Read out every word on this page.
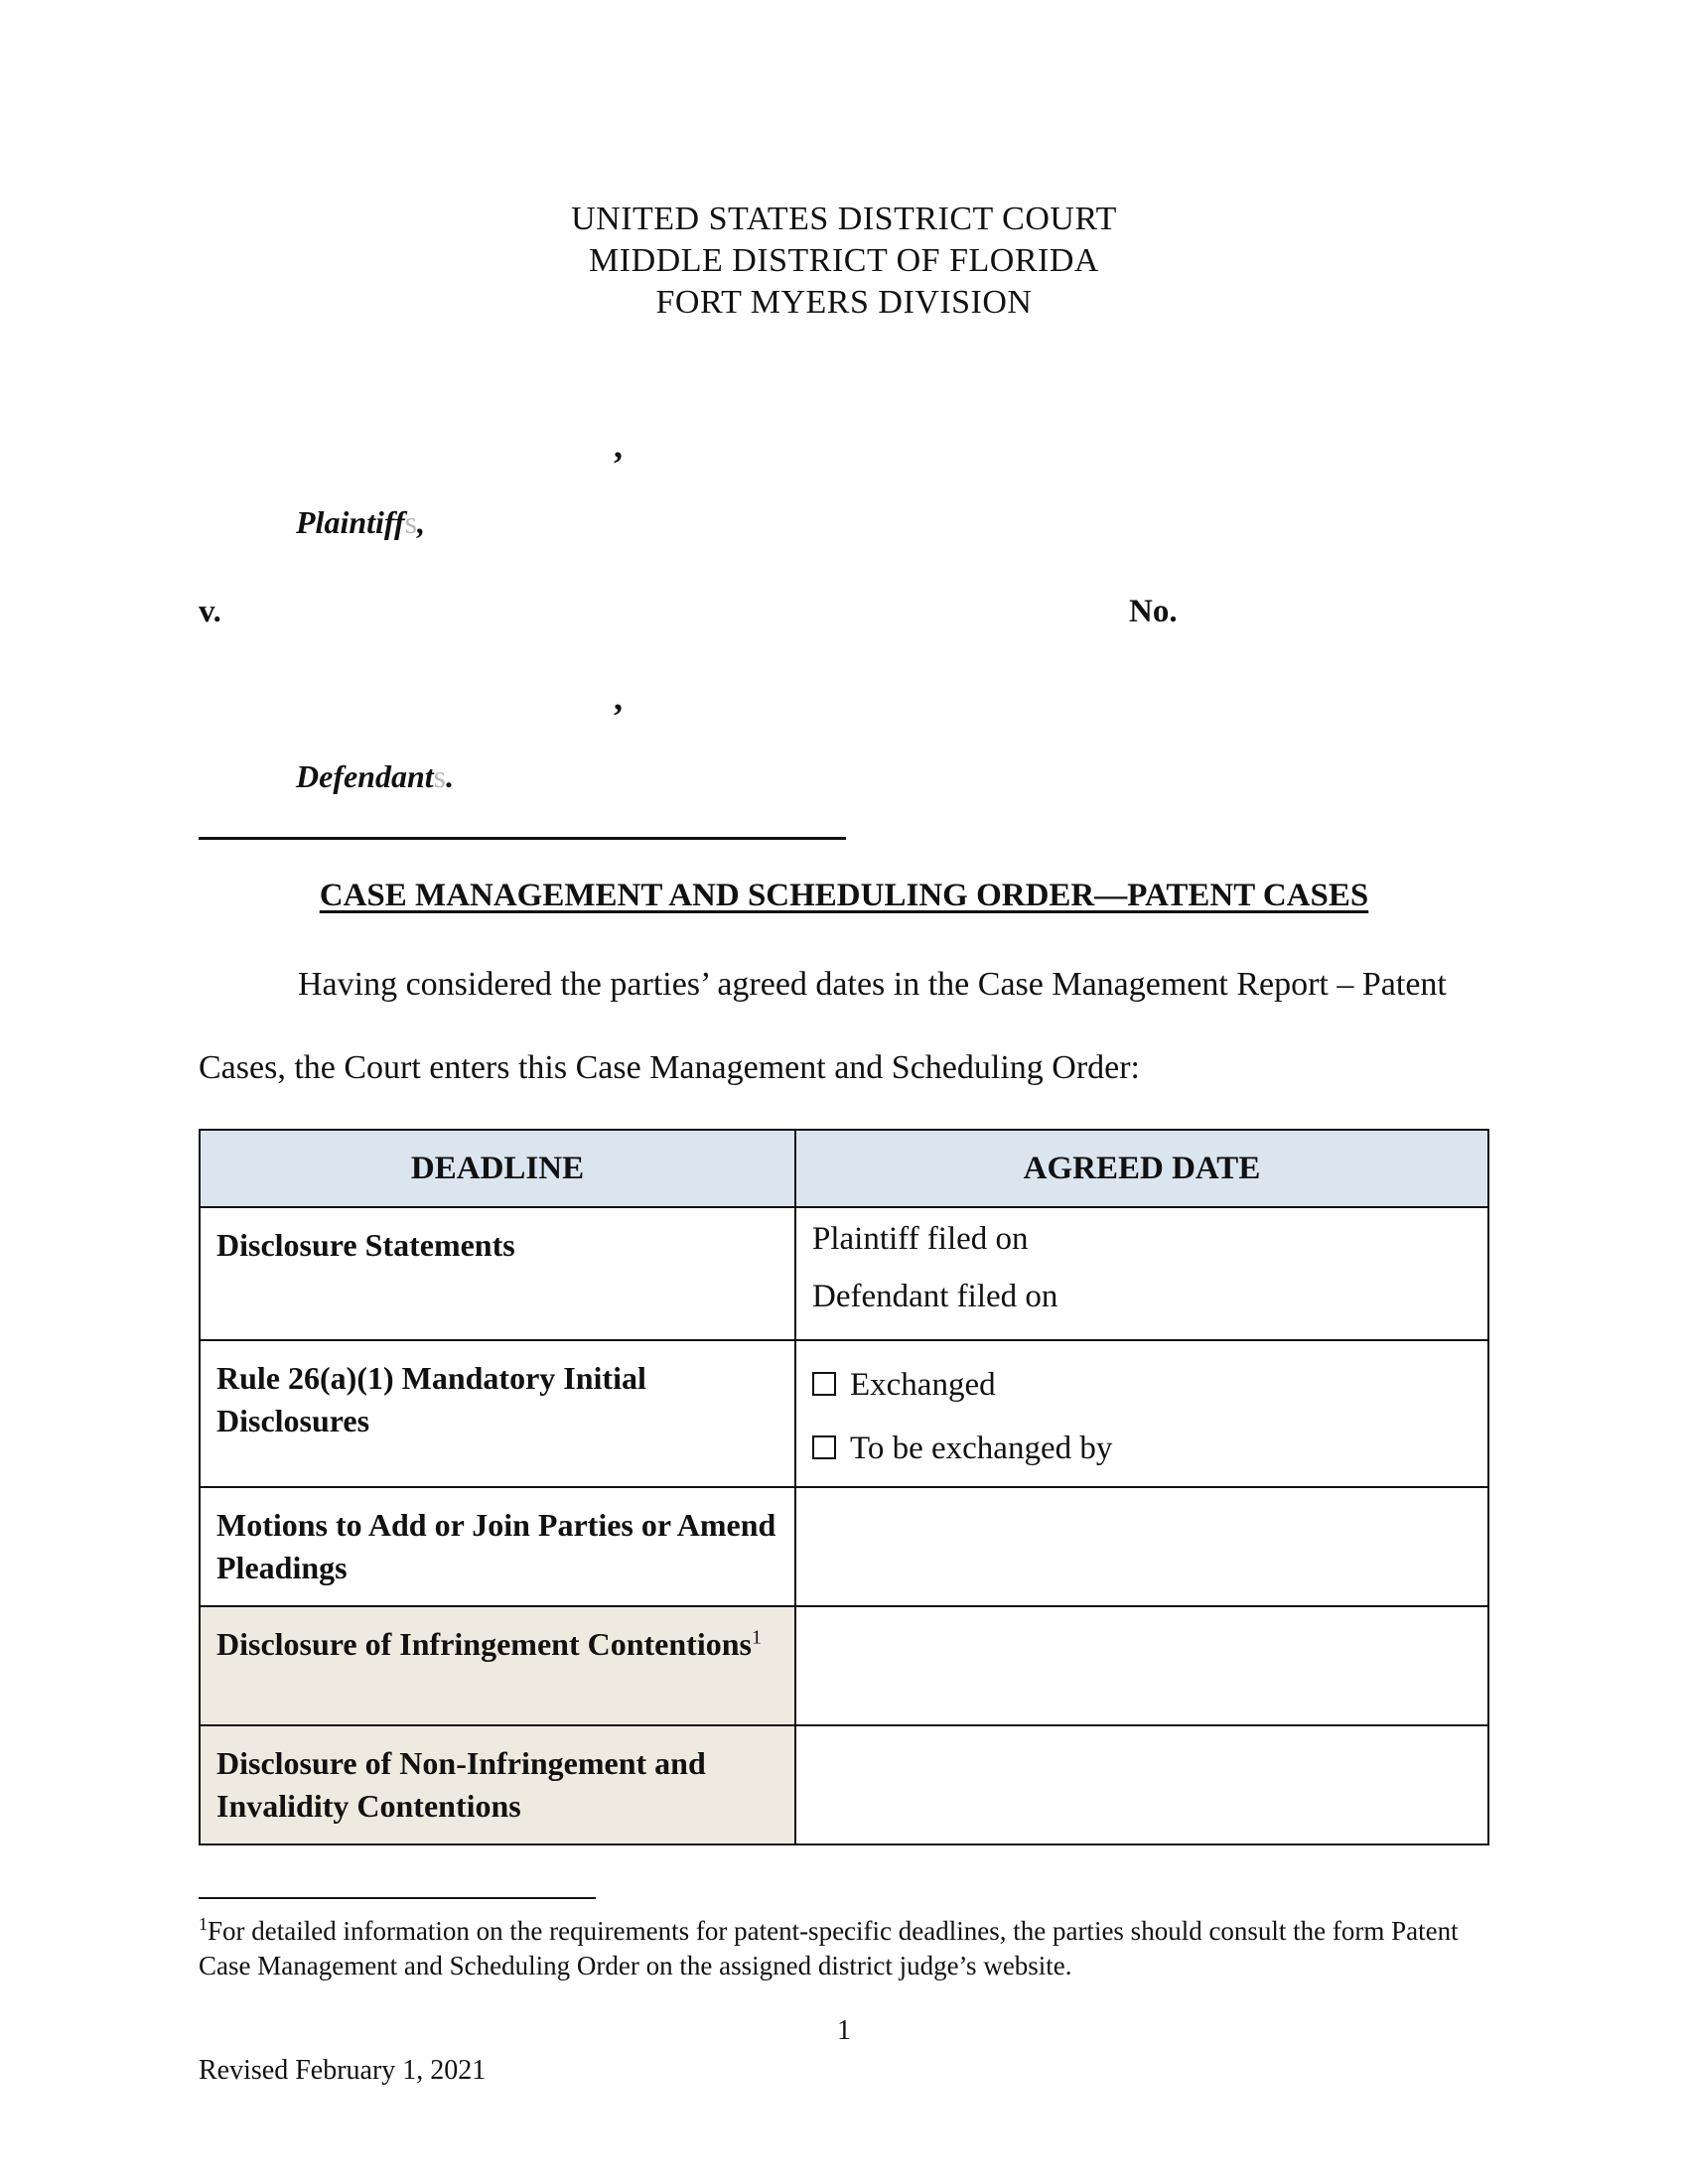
UNITED STATES DISTRICT COURT
MIDDLE DISTRICT OF FLORIDA
FORT MYERS DIVISION
,
Plaintiffs,
v.	No.
,
Defendants.
CASE MANAGEMENT AND SCHEDULING ORDER—PATENT CASES
Having considered the parties’ agreed dates in the Case Management Report – Patent Cases, the Court enters this Case Management and Scheduling Order:
DEADLINE	AGREED DATE
Disclosure Statements	Plaintiff filed on
Defendant filed on

Rule 26(a)(1) Mandatory Initial Disclosures	Exchanged
To be exchanged by

Motions to Add or Join Parties or Amend Pleadings	
Disclosure of Infringement Contentions$^1$	
Disclosure of Non-Infringement and Invalidity Contentions	
$^1$For detailed information on the requirements for patent-specific deadlines, the parties should consult the form Patent Case Management and Scheduling Order on the assigned district judge’s website.
1
Revised February 1, 2021
